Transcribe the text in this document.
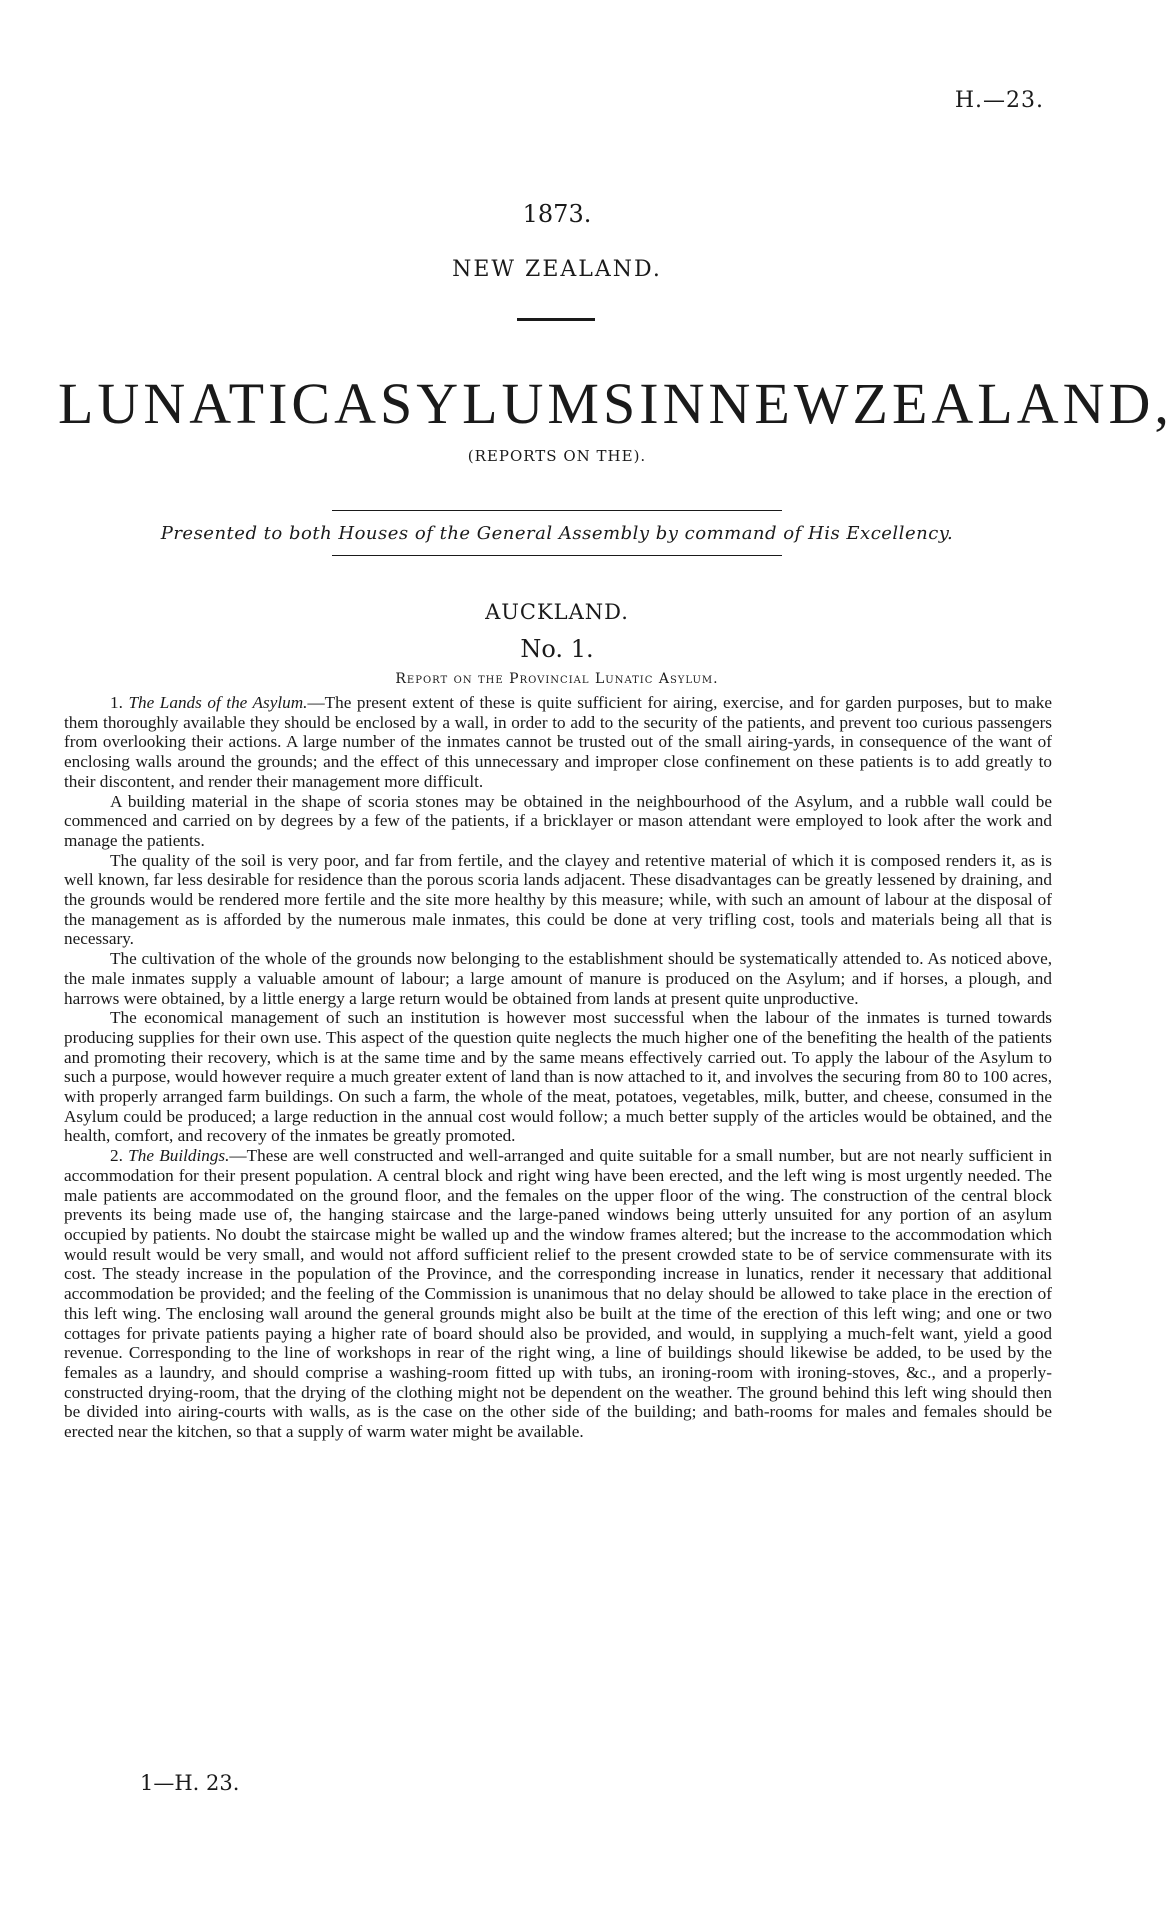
H.—23.
1873.
NEW ZEALAND.
LUNATIC ASYLUMS IN NEW ZEALAND,
(REPORTS ON THE).
Presented to both Houses of the General Assembly by command of His Excellency.
AUCKLAND.
No. 1.
Report on the Provincial Lunatic Asylum.

1. The Lands of the Asylum.—The present extent of these is quite sufficient for airing, exercise, and for garden purposes, but to make them thoroughly available they should be enclosed by a wall, in order to add to the security of the patients, and prevent too curious passengers from overlooking their actions. A large number of the inmates cannot be trusted out of the small airing-yards, in consequence of the want of enclosing walls around the grounds; and the effect of this unnecessary and improper close confinement on these patients is to add greatly to their discontent, and render their management more difficult.

A building material in the shape of scoria stones may be obtained in the neighbourhood of the Asylum, and a rubble wall could be commenced and carried on by degrees by a few of the patients, if a bricklayer or mason attendant were employed to look after the work and manage the patients.

The quality of the soil is very poor, and far from fertile, and the clayey and retentive material of which it is composed renders it, as is well known, far less desirable for residence than the porous scoria lands adjacent. These disadvantages can be greatly lessened by draining, and the grounds would be rendered more fertile and the site more healthy by this measure; while, with such an amount of labour at the disposal of the management as is afforded by the numerous male inmates, this could be done at very trifling cost, tools and materials being all that is necessary.

The cultivation of the whole of the grounds now belonging to the establishment should be systematically attended to. As noticed above, the male inmates supply a valuable amount of labour; a large amount of manure is produced on the Asylum; and if horses, a plough, and harrows were obtained, by a little energy a large return would be obtained from lands at present quite unproductive.

The economical management of such an institution is however most successful when the labour of the inmates is turned towards producing supplies for their own use. This aspect of the question quite neglects the much higher one of the benefiting the health of the patients and promoting their recovery, which is at the same time and by the same means effectively carried out. To apply the labour of the Asylum to such a purpose, would however require a much greater extent of land than is now attached to it, and involves the securing from 80 to 100 acres, with properly arranged farm buildings. On such a farm, the whole of the meat, potatoes, vegetables, milk, butter, and cheese, consumed in the Asylum could be produced; a large reduction in the annual cost would follow; a much better supply of the articles would be obtained, and the health, comfort, and recovery of the inmates be greatly promoted.

2. The Buildings.—These are well constructed and well-arranged and quite suitable for a small number, but are not nearly sufficient in accommodation for their present population. A central block and right wing have been erected, and the left wing is most urgently needed. The male patients are accommodated on the ground floor, and the females on the upper floor of the wing. The construction of the central block prevents its being made use of, the hanging staircase and the large-paned windows being utterly unsuited for any portion of an asylum occupied by patients. No doubt the staircase might be walled up and the window frames altered; but the increase to the accommodation which would result would be very small, and would not afford sufficient relief to the present crowded state to be of service commensurate with its cost. The steady increase in the population of the Province, and the corresponding increase in lunatics, render it necessary that additional accommodation be provided; and the feeling of the Commission is unanimous that no delay should be allowed to take place in the erection of this left wing. The enclosing wall around the general grounds might also be built at the time of the erection of this left wing; and one or two cottages for private patients paying a higher rate of board should also be provided, and would, in supplying a much-felt want, yield a good revenue. Corresponding to the line of workshops in rear of the right wing, a line of buildings should likewise be added, to be used by the females as a laundry, and should comprise a washing-room fitted up with tubs, an ironing-room with ironing-stoves, &c., and a properly-constructed drying-room, that the drying of the clothing might not be dependent on the weather. The ground behind this left wing should then be divided into airing-courts with walls, as is the case on the other side of the building; and bath-rooms for males and females should be erected near the kitchen, so that a supply of warm water might be available.

1—H. 23.
